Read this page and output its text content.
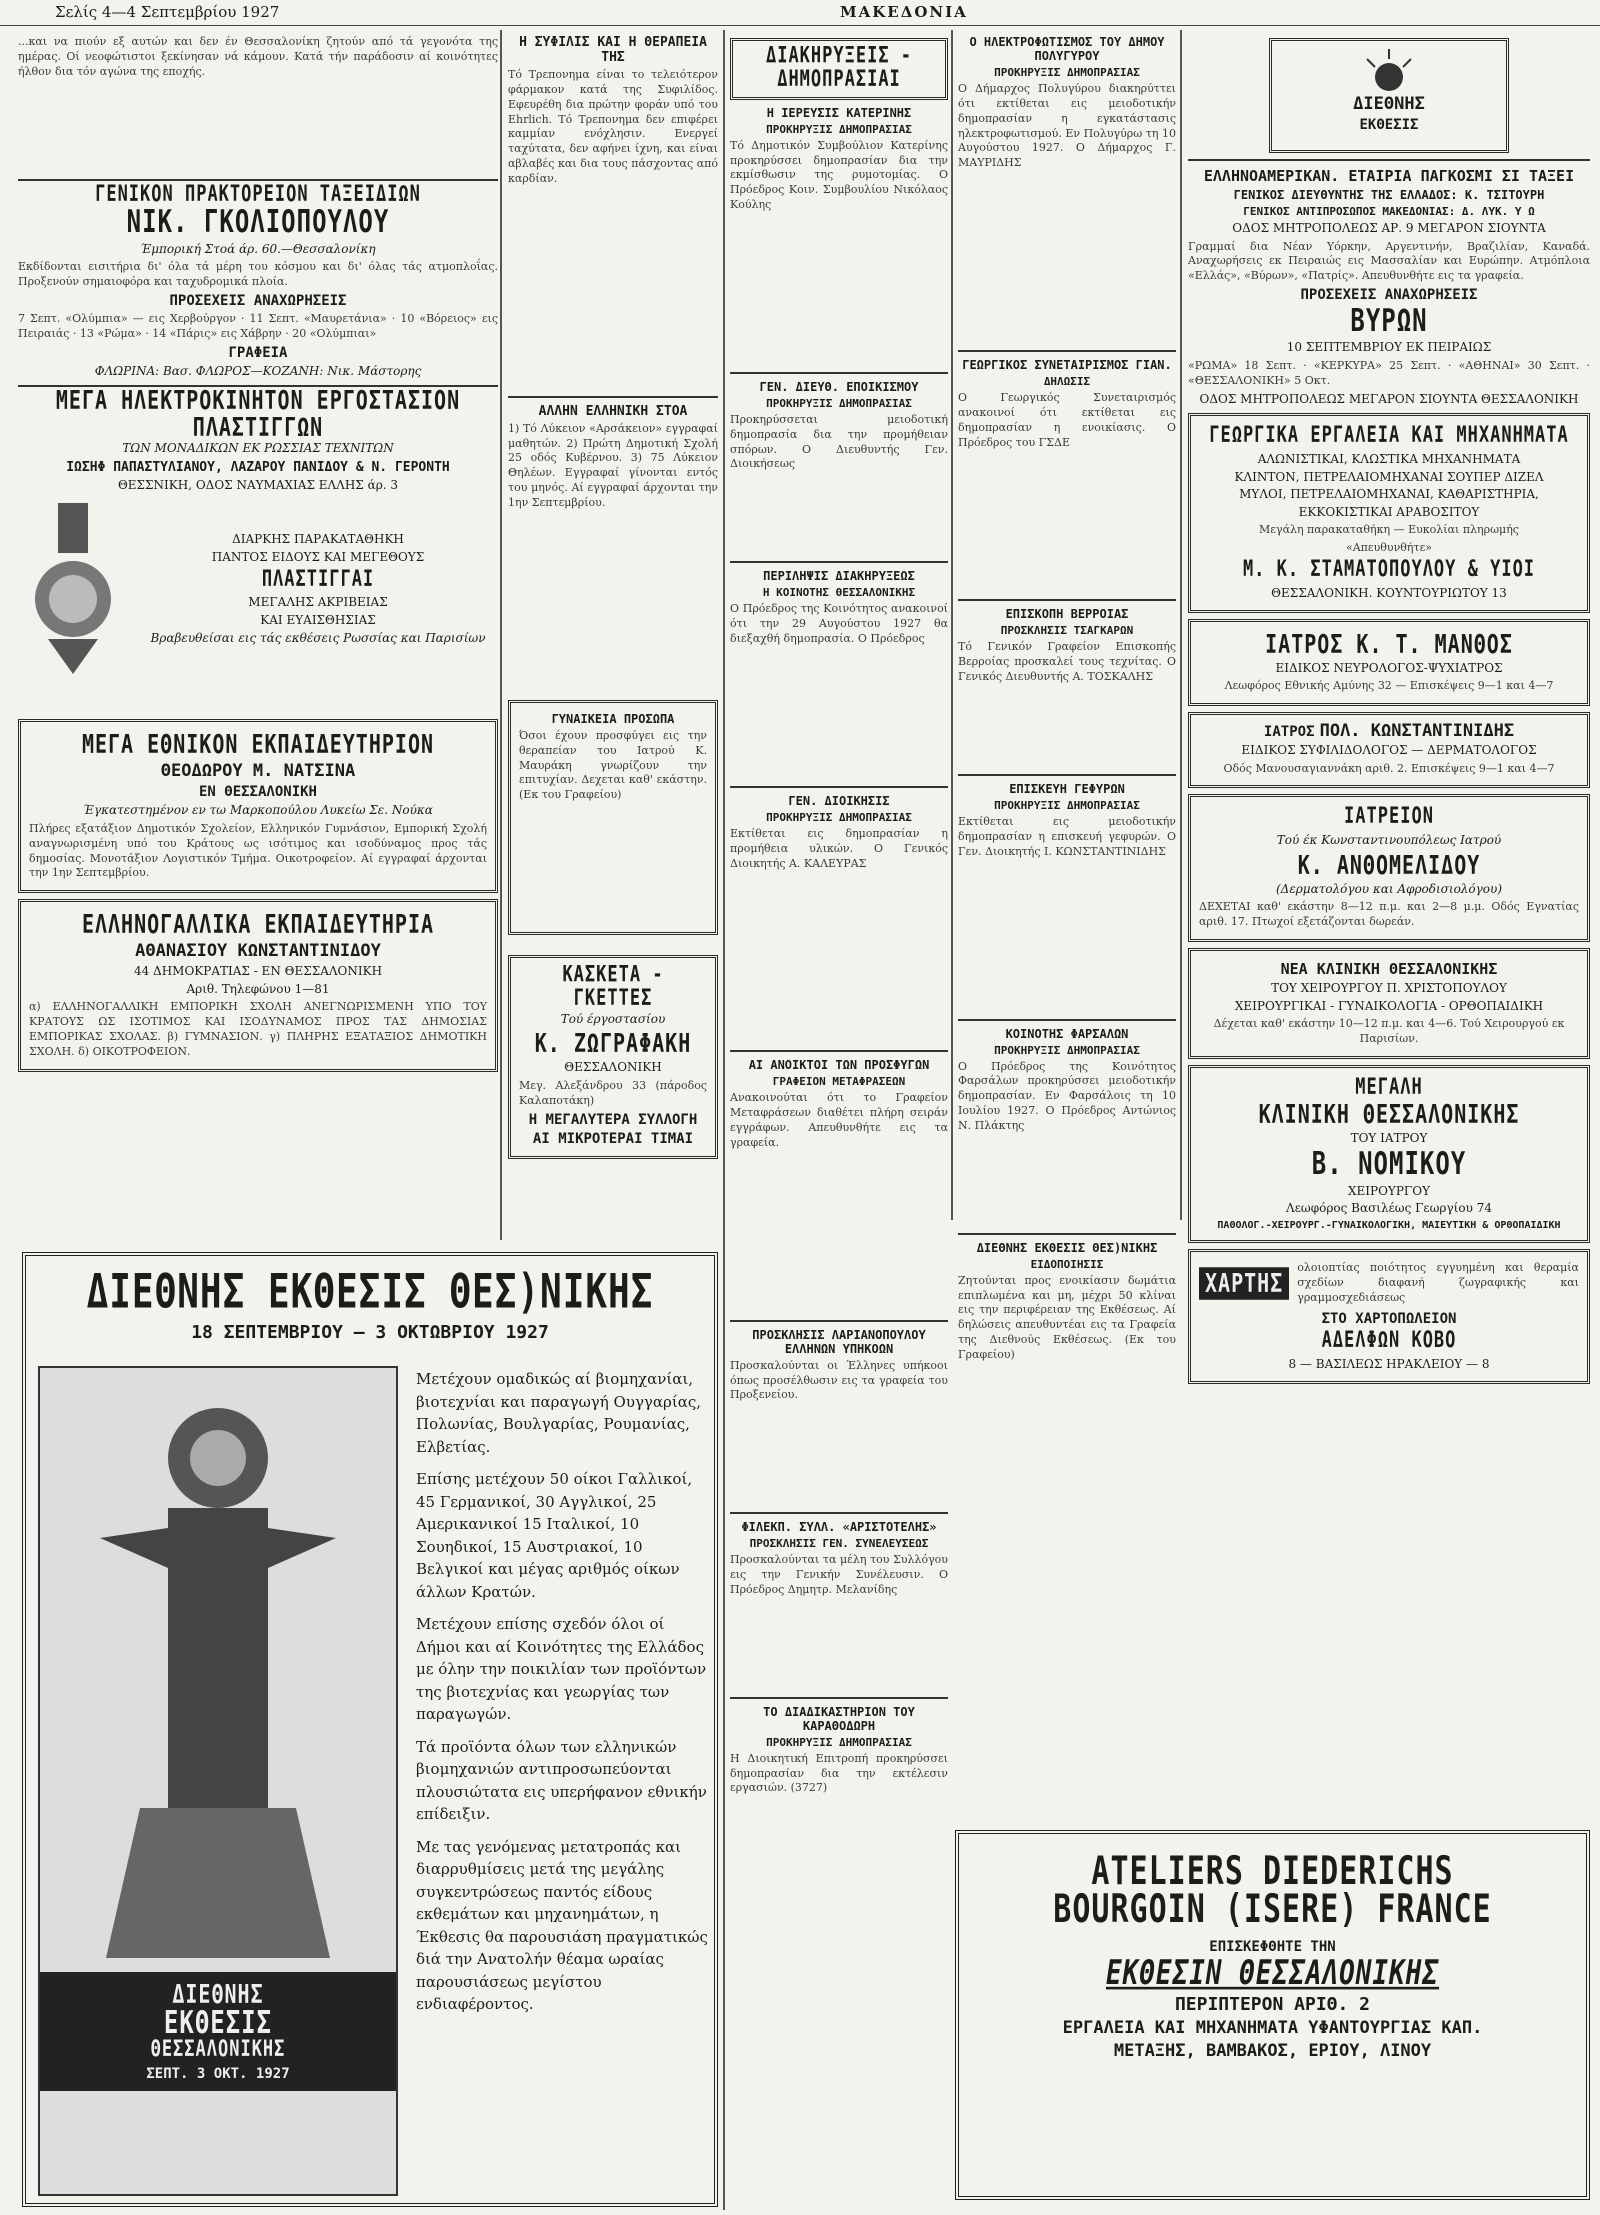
Σελίς 4—4 Σεπτεμβρίου 1927	ΜΑΚΕΔΟΝΙΑ
...και να πιούν εξ αυτών και δεν έν Θεσσαλονίκη ζητούν από τά γεγονότα της ημέρας. Οί νεοφώτιστοι ξεκίνησαν νά κάμουν. Κατά τήν παράδοσιν αί κοινότητες ήλθον δια τόν αγώνα της εποχής.
ΓΕΝΙΚΟΝ ΠΡΑΚΤΟΡΕΙΟΝ ΤΑΞΕΙΔΙΩΝ
ΝΙΚ. ΓΚΟΛΙΟΠΟΥΛΟΥ
Έμπορική Στοά άρ. 60.—Θεσσαλονίκη
Εκδίδονται εισιτήρια δι' όλα τά μέρη του κόσμου και δι' όλας τάς ατμοπλοΐας. Προξενούν σημαιοφόρα και ταχυδρομικά πλοία.
ΠΡΟΣΕΧΕΙΣ ΑΝΑΧΩΡΗΣΕΙΣ
7 Σεπτ. «Ολύμπια» — εις Χερβούργον · 11 Σεπτ. «Μαυρετάνια» · 10 «Βόρειος» εις Πειραιάς · 13 «Ρώμα» · 14 «Πάρις» εις Χάβρην · 20 «Ολύμπιαι»
ΓΡΑΦΕΙΑ
ΦΛΩΡΙΝΑ: Βασ. ΦΛΩΡΟΣ—ΚΟΖΑΝΗ: Νικ. Μάστορης
ΜΕΓΑ ΗΛΕΚΤΡΟΚΙΝΗΤΟΝ ΕΡΓΟΣΤΑΣΙΟΝ ΠΛΑΣΤΙΓΓΩΝ
ΤΩΝ ΜΟΝΑΔΙΚΩΝ ΕΚ ΡΩΣΣΙΑΣ ΤΕΧΝΙΤΩΝ
ΙΩΣΗΦ ΠΑΠΑΣΤΥΛΙΑΝΟΥ, ΛΑΖΑΡΟΥ ΠΑΝΙΔΟΥ & Ν. ΓΕΡΟΝΤΗ
ΘΕΣΣΝΙΚΗ, ΟΔΟΣ ΝΑΥΜΑΧΙΑΣ ΕΛΛΗΣ άρ. 3
ΔΙΑΡΚΗΣ ΠΑΡΑΚΑΤΑΘΗΚΗ
ΠΑΝΤΟΣ ΕΙΔΟΥΣ ΚΑΙ ΜΕΓΕΘΟΥΣ
ΠΛΑΣΤΙΓΓΑΙ
ΜΕΓΑΛΗΣ ΑΚΡΙΒΕΙΑΣ
ΚΑΙ ΕΥΑΙΣΘΗΣΙΑΣ
Βραβευθείσαι εις τάς εκθέσεις Ρωσσίας και Παρισίων
ΜΕΓΑ ΕΘΝΙΚΟΝ ΕΚΠΑΙΔΕΥΤΗΡΙΟΝ
ΘΕΟΔΩΡΟΥ Μ. ΝΑΤΣΙΝΑ
ΕΝ ΘΕΣΣΑΛΟΝΙΚΗ
Έγκατεστημένον εν τω Μαρκοπούλου Λυκείω Σε. Νούκα
Πλήρες εξατάξιον Δημοτικόν Σχολείον, Ελληνικόν Γυμνάσιον, Εμπορική Σχολή αναγνωρισμένη υπό του Κράτους ως ισότιμος και ισοδύναμος προς τάς δημοσίας. Μονοτάξιον Λογιστικόν Τμήμα. Οικοτροφείον. Αί εγγραφαί άρχονται την 1ην Σεπτεμβρίου.
ΕΛΛΗΝΟΓΑΛΛΙΚΑ ΕΚΠΑΙΔΕΥΤΗΡΙΑ
ΑΘΑΝΑΣΙΟΥ ΚΩΝΣΤΑΝΤΙΝΙΔΟΥ
44 ΔΗΜΟΚΡΑΤΙΑΣ - ΕΝ ΘΕΣΣΑΛΟΝΙΚΗ
Αριθ. Τηλεφώνου 1—81
α) ΕΛΛΗΝΟΓΑΛΛΙΚΗ ΕΜΠΟΡΙΚΗ ΣΧΟΛΗ ΑΝΕΓΝΩΡΙΣΜΕΝΗ ΥΠΟ ΤΟΥ ΚΡΑΤΟΥΣ ΩΣ ΙΣΟΤΙΜΟΣ ΚΑΙ ΙΣΟΔΥΝΑΜΟΣ ΠΡΟΣ ΤΑΣ ΔΗΜΟΣΙΑΣ ΕΜΠΟΡΙΚΑΣ ΣΧΟΛΑΣ. β) ΓΥΜΝΑΣΙΟΝ. γ) ΠΛΗΡΗΣ ΕΞΑΤΑΞΙΟΣ ΔΗΜΟΤΙΚΗ ΣΧΟΛΗ. δ) ΟΙΚΟΤΡΟΦΕΙΟΝ.
Η ΣΥΦΙΛΙΣ ΚΑΙ Η ΘΕΡΑΠΕΙΑ ΤΗΣ
Τό Τρεπονημα είναι το τελειότερον φάρμακον κατά της Συφιλίδος. Εφευρέθη δια πρώτην φοράν υπό του Ehrlich. Τό Τρεπονημα δεν επιφέρει καμμίαν ενόχλησιν. Ενεργεί ταχύτατα, δεν αφήνει ίχνη, και είναι αβλαβές και δια τους πάσχοντας από καρδίαν.
ΑΛΛΗΝ ΕΛΛΗΝΙΚΗ ΣΤΟΑ
1) Τό Λύκειον «Αρσάκειον» εγγραφαί μαθητών. 2) Πρώτη Δημοτική Σχολή 25 οδός Κυβέρνου. 3) 75 Λύκειον Θηλέων. Εγγραφαί γίνονται εντός του μηνός. Αί εγγραφαί άρχονται την 1ην Σεπτεμβρίου.
ΓΥΝΑΙΚΕΙΑ ΠΡΟΣΩΠΑ
Όσοι έχουν προσφύγει εις την θεραπείαν του Ιατρού Κ. Μαυράκη γνωρίζουν την επιτυχίαν. Δεχεται καθ' εκάστην. (Εκ του Γραφείου)
ΚΑΣΚΕΤΑ - ΓΚΕΤΤΕΣ
Τού έργοστασίου
Κ. ΖΩΓΡΑΦΑΚΗ
ΘΕΣΣΑΛΟΝΙΚΗ
Μεγ. Αλεξάνδρου 33 (πάροδος Καλαποτάκη)
Η ΜΕΓΑΛΥΤΕΡΑ ΣΥΛΛΟΓΗ
ΑΙ ΜΙΚΡΟΤΕΡΑΙ ΤΙΜΑΙ
ΔΙΑΚΗΡΥΞΕΙΣ - ΔΗΜΟΠΡΑΣΙΑΙ
Η ΙΕΡΕΥΣΙΣ ΚΑΤΕΡΙΝΗΣ
ΠΡΟΚΗΡΥΞΙΣ ΔΗΜΟΠΡΑΣΙΑΣ
Τό Δημοτικόν Συμβούλιον Κατερίνης προκηρύσσει δημοπρασίαν δια την εκμίσθωσιν της ρυμοτομίας. Ο Πρόεδρος Κοιν. Συμβουλίου Νικόλαος Κούλης
ΓΕΝ. ΔΙΕΥΘ. ΕΠΟΙΚΙΣΜΟΥ
ΠΡΟΚΗΡΥΞΙΣ ΔΗΜΟΠΡΑΣΙΑΣ
Προκηρύσσεται μειοδοτική δημοπρασία δια την προμήθειαν σπόρων. Ο Διευθυντής Γεν. Διοικήσεως
ΠΕΡΙΛΗΨΙΣ ΔΙΑΚΗΡΥΞΕΩΣ
Η ΚΟΙΝΟΤΗΣ ΘΕΣΣΑΛΟΝΙΚΗΣ
Ο Πρόεδρος της Κοινότητος ανακοινοί ότι την 29 Αυγούστου 1927 θα διεξαχθή δημοπρασία. Ο Πρόεδρος
ΓΕΝ. ΔΙΟΙΚΗΣΙΣ
ΠΡΟΚΗΡΥΞΙΣ ΔΗΜΟΠΡΑΣΙΑΣ
Εκτίθεται εις δημοπρασίαν η προμήθεια υλικών. Ο Γενικός Διοικητής Α. ΚΑΛΕΥΡΑΣ
ΑΙ ΑΝΟΙΚΤΟΙ ΤΩΝ ΠΡΟΣΦΥΓΩΝ
ΓΡΑΦΕΙΟΝ ΜΕΤΑΦΡΑΣΕΩΝ
Ανακοινούται ότι το Γραφείον Μεταφράσεων διαθέτει πλήρη σειράν εγγράφων. Απευθυνθήτε εις τα γραφεία.
ΠΡΟΣΚΛΗΣΙΣ ΛΑΡΙΑΝΟΠΟΥΛΟΥ ΕΛΛΗΝΩΝ ΥΠΗΚΟΩΝ
Προσκαλούνται οι Έλληνες υπήκοοι όπως προσέλθωσιν εις τα γραφεία του Προξενείου.
ΦΙΛΕΚΠ. ΣΥΛΛ. «ΑΡΙΣΤΟΤΕΛΗΣ»
ΠΡΟΣΚΛΗΣΙΣ ΓΕΝ. ΣΥΝΕΛΕΥΣΕΩΣ
Προσκαλούνται τα μέλη του Συλλόγου εις την Γενικήν Συνέλευσιν. Ο Πρόεδρος Δημητρ. Μελανίδης
ΤΟ ΔΙΑΔΙΚΑΣΤΗΡΙΟΝ ΤΟΥ ΚΑΡΑΘΟΔΩΡΗ
ΠΡΟΚΗΡΥΞΙΣ ΔΗΜΟΠΡΑΣΙΑΣ
Η Διοικητική Επιτροπή προκηρύσσει δημοπρασίαν δια την εκτέλεσιν εργασιών. (3727)
Ο ΗΛΕΚΤΡΟΦΩΤΙΣΜΟΣ ΤΟΥ ΔΗΜΟΥ ΠΟΛΥΓΥΡΟΥ
ΠΡΟΚΗΡΥΞΙΣ ΔΗΜΟΠΡΑΣΙΑΣ
Ο Δήμαρχος Πολυγύρου διακηρύττει ότι εκτίθεται εις μειοδοτικήν δημοπρασίαν η εγκατάστασις ηλεκτροφωτισμού. Εν Πολυγύρω τη 10 Αυγούστου 1927. Ο Δήμαρχος Γ. ΜΑΥΡΙΔΗΣ
ΓΕΩΡΓΙΚΟΣ ΣΥΝΕΤΑΙΡΙΣΜΟΣ ΓΙΑΝ.
ΔΗΛΩΣΙΣ
Ο Γεωργικός Συνεταιρισμός ανακοινοί ότι εκτίθεται εις δημοπρασίαν η ενοικίασις. Ο Πρόεδρος του ΓΣΔΕ
ΕΠΙΣΚΟΠΗ ΒΕΡΡΟΙΑΣ
ΠΡΟΣΚΛΗΣΙΣ ΤΣΑΓΚΑΡΩΝ
Τό Γενικόν Γραφείον Επισκοπής Βερροίας προσκαλεί τους τεχνίτας. Ο Γενικός Διευθυντής Α. ΤΟΣΚΑΛΗΣ
ΕΠΙΣΚΕΥΗ ΓΕΦΥΡΩΝ
ΠΡΟΚΗΡΥΞΙΣ ΔΗΜΟΠΡΑΣΙΑΣ
Εκτίθεται εις μειοδοτικήν δημοπρασίαν η επισκευή γεφυρών. Ο Γεν. Διοικητής Ι. ΚΩΝΣΤΑΝΤΙΝΙΔΗΣ
ΚΟΙΝΟΤΗΣ ΦΑΡΣΑΛΩΝ
ΠΡΟΚΗΡΥΞΙΣ ΔΗΜΟΠΡΑΣΙΑΣ
Ο Πρόεδρος της Κοινότητος Φαρσάλων προκηρύσσει μειοδοτικήν δημοπρασίαν. Εν Φαρσάλοις τη 10 Ιουλίου 1927. Ο Πρόεδρος Αντώνιος Ν. Πλάκτης
ΔΙΕΘΝΗΣ ΕΚΘΕΣΙΣ ΘΕΣ)ΝΙΚΗΣ
ΕΙΔΟΠΟΙΗΣΙΣ
Ζητούνται προς ενοικίασιν δωμάτια επιπλωμένα και μη, μέχρι 50 κλίναι εις την περιφέρειαν της Εκθέσεως. Αί δηλώσεις απευθυντέαι εις τα Γραφεία της Διεθνούς Εκθέσεως. (Εκ του Γραφείου)
ΔΙΕΘΝΗΣ
ΕΚΘΕΣΙΣ
ΕΛΛΗΝΟΑΜΕΡΙΚΑΝ. ΕΤΑΙΡΙΑ ΠΑΓΚΟΣΜΙ ΣΙ ΤΑΞΕΙ
ΓΕΝΙΚΟΣ ΔΙΕΥΘΥΝΤΗΣ ΤΗΣ ΕΛΛΑΔΟΣ: Κ. ΤΣΙΤΟΥΡΗ
ΓΕΝΙΚΟΣ ΑΝΤΙΠΡΟΣΩΠΟΣ ΜΑΚΕΔΟΝΙΑΣ: Δ. ΛΥΚ. Υ Ω
ΟΔΟΣ ΜΗΤΡΟΠΟΛΕΩΣ ΑΡ. 9 ΜΕΓΑΡΟΝ ΣΙΟΥΝΤΑ
Γραμμαί δια Νέαν Υόρκην, Αργεντινήν, Βραζιλίαν, Καναδά. Αναχωρήσεις εκ Πειραιώς εις Μασσαλίαν και Ευρώπην. Ατμόπλοια «Ελλάς», «Βύρων», «Πατρίς». Απευθυνθήτε εις τα γραφεία.
ΠΡΟΣΕΧΕΙΣ ΑΝΑΧΩΡΗΣΕΙΣ
ΒΥΡΩΝ
10 ΣΕΠΤΕΜΒΡΙΟΥ ΕΚ ΠΕΙΡΑΙΩΣ
«ΡΩΜΑ» 18 Σεπτ. · «ΚΕΡΚΥΡΑ» 25 Σεπτ. · «ΑΘΗΝΑΙ» 30 Σεπτ. · «ΘΕΣΣΑΛΟΝΙΚΗ» 5 Οκτ.
ΟΔΟΣ ΜΗΤΡΟΠΟΛΕΩΣ ΜΕΓΑΡΟΝ ΣΙΟΥΝΤΑ ΘΕΣΣΑΛΟΝΙΚΗ
ΓΕΩΡΓΙΚΑ ΕΡΓΑΛΕΙΑ ΚΑΙ ΜΗΧΑΝΗΜΑΤΑ
ΑΛΩΝΙΣΤΙΚΑΙ, ΚΛΩΣΤΙΚΑ ΜΗΧΑΝΗΜΑΤΑ
ΚΛΙΝΤΟΝ, ΠΕΤΡΕΛΑΙΟΜΗΧΑΝΑΙ ΣΟΥΠΕΡ ΔΙΖΕΛ
ΜΥΛΟΙ, ΠΕΤΡΕΛΑΙΟΜΗΧΑΝΑΙ, ΚΑΘΑΡΙΣΤΗΡΙΑ,
ΕΚΚΟΚΙΣΤΙΚΑΙ ΑΡΑΒΟΣΙΤΟΥ
Μεγάλη παρακαταθήκη — Ευκολίαι πληρωμής
«Απευθυνθήτε»
Μ. Κ. ΣΤΑΜΑΤΟΠΟΥΛΟΥ & ΥΙΟΙ
ΘΕΣΣΑΛΟΝΙΚΗ. ΚΟΥΝΤΟΥΡΙΩΤΟΥ 13
ΙΑΤΡΟΣ Κ. Τ. ΜΑΝΘΟΣ
ΕΙΔΙΚΟΣ ΝΕΥΡΟΛΟΓΟΣ-ΨΥΧΙΑΤΡΟΣ
Λεωφόρος Εθνικής Αμύνης 32 — Επισκέψεις 9—1 και 4—7
ΙΑΤΡΟΣ ΠΟΛ. ΚΩΝΣΤΑΝΤΙΝΙΔΗΣ
ΕΙΔΙΚΟΣ ΣΥΦΙΛΙΔΟΛΟΓΟΣ — ΔΕΡΜΑΤΟΛΟΓΟΣ
Οδός Μανουσαγιαννάκη αριθ. 2. Επισκέψεις 9—1 και 4—7
ΙΑΤΡΕΙΟΝ
Τού έκ Κωνσταντινουπόλεως Ιατρού
Κ. ΑΝΘΟΜΕΛΙΔΟΥ
(Δερματολόγου και Αφροδισιολόγου)
ΔΕΧΕΤΑΙ καθ' εκάστην 8—12 π.μ. και 2—8 μ.μ. Οδός Εγνατίας αριθ. 17. Πτωχοί εξετάζονται δωρεάν.
ΝΕΑ ΚΛΙΝΙΚΗ ΘΕΣΣΑΛΟΝΙΚΗΣ
ΤΟΥ ΧΕΙΡΟΥΡΓΟΥ Π. ΧΡΙΣΤΟΠΟΥΛΟΥ
ΧΕΙΡΟΥΡΓΙΚΑΙ - ΓΥΝΑΙΚΟΛΟΓΙΑ - ΟΡΘΟΠΑΙΔΙΚΗ
Δέχεται καθ' εκάστην 10—12 π.μ. και 4—6. Τού Χειρουργού εκ Παρισίων.
ΜΕΓΑΛΗ
ΚΛΙΝΙΚΗ ΘΕΣΣΑΛΟΝΙΚΗΣ
ΤΟΥ ΙΑΤΡΟΥ
Β. ΝΟΜΙΚΟΥ
ΧΕΙΡΟΥΡΓΟΥ
Λεωφόρος Βασιλέως Γεωργίου 74
ΠΑΘΟΛΟΓ.-ΧΕΙΡΟΥΡΓ.-ΓΥΝΑΙΚΟΛΟΓΙΚΗ, ΜΑΙΕΥΤΙΚΗ & ΟΡΘΟΠΑΙΔΙΚΗ
ΧΑΡΤΗΣ	ολοιοπτίας ποιότητος εγγυημένη και θεραμία σχεδίων διαφανή ζωγραφικής και γραμμοσχεδιάσεως
ΣΤΟ ΧΑΡΤΟΠΩΛΕΙΟΝ
ΑΔΕΛΦΩΝ ΚΟΒΟ
8 — ΒΑΣΙΛΕΩΣ ΗΡΑΚΛΕΙΟΥ — 8
ΔΙΕΘΝΗΣ ΕΚΘΕΣΙΣ ΘΕΣ)ΝΙΚΗΣ
18 ΣΕΠΤΕΜΒΡΙΟΥ — 3 ΟΚΤΩΒΡΙΟΥ 1927
ΔΙΕΘΝΗΣ
ΕΚΘΕΣΙΣ
ΘΕΣΣΑΛΟΝΙΚΗΣ
ΣΕΠΤ. 3 ΟΚΤ. 1927
Μετέχουν ομαδικώς αί βιομηχανίαι, βιοτεχνίαι και παραγωγή Ουγγαρίας, Πολωνίας, Βουλγαρίας, Ρουμανίας, Ελβετίας.
Επίσης μετέχουν 50 οίκοι Γαλλικοί, 45 Γερμανικοί, 30 Αγγλικοί, 25 Αμερικανικοί 15 Ιταλικοί, 10 Σουηδικοί, 15 Αυστριακοί, 10 Βελγικοί και μέγας αριθμός οίκων άλλων Κρατών.
Μετέχουν επίσης σχεδόν όλοι οί Δήμοι και αί Κοινότητες της Ελλάδος με όλην την ποικιλίαν των προϊόντων της βιοτεχνίας και γεωργίας των παραγωγών.
Τά προϊόντα όλων των ελληνικών βιομηχανιών αντιπροσωπεύονται πλουσιώτατα εις υπερήφανον εθνικήν επίδειξιν.
Με τας γενόμενας μετατροπάς και διαρρυθμίσεις μετά της μεγάλης συγκεντρώσεως παντός είδους εκθεμάτων και μηχανημάτων, η Έκθεσις θα παρουσιάση πραγματικώς διά την Ανατολήν θέαμα ωραίας παρουσιάσεως μεγίστου ενδιαφέροντος.
ATELIERS DIEDERICHS
BOURGOIN (ISERE) FRANCE
ΕΠΙΣΚΕΦΘΗΤΕ ΤΗΝ
ΕΚΘΕΣΙΝ ΘΕΣΣΑΛΟΝΙΚΗΣ
ΠΕΡΙΠΤΕΡΟΝ ΑΡΙΘ. 2
ΕΡΓΑΛΕΙΑ ΚΑΙ ΜΗΧΑΝΗΜΑΤΑ ΥΦΑΝΤΟΥΡΓΙΑΣ ΚΑΠ.
ΜΕΤΑΞΗΣ, ΒΑΜΒΑΚΟΣ, ΕΡΙΟΥ, ΛΙΝΟΥ
